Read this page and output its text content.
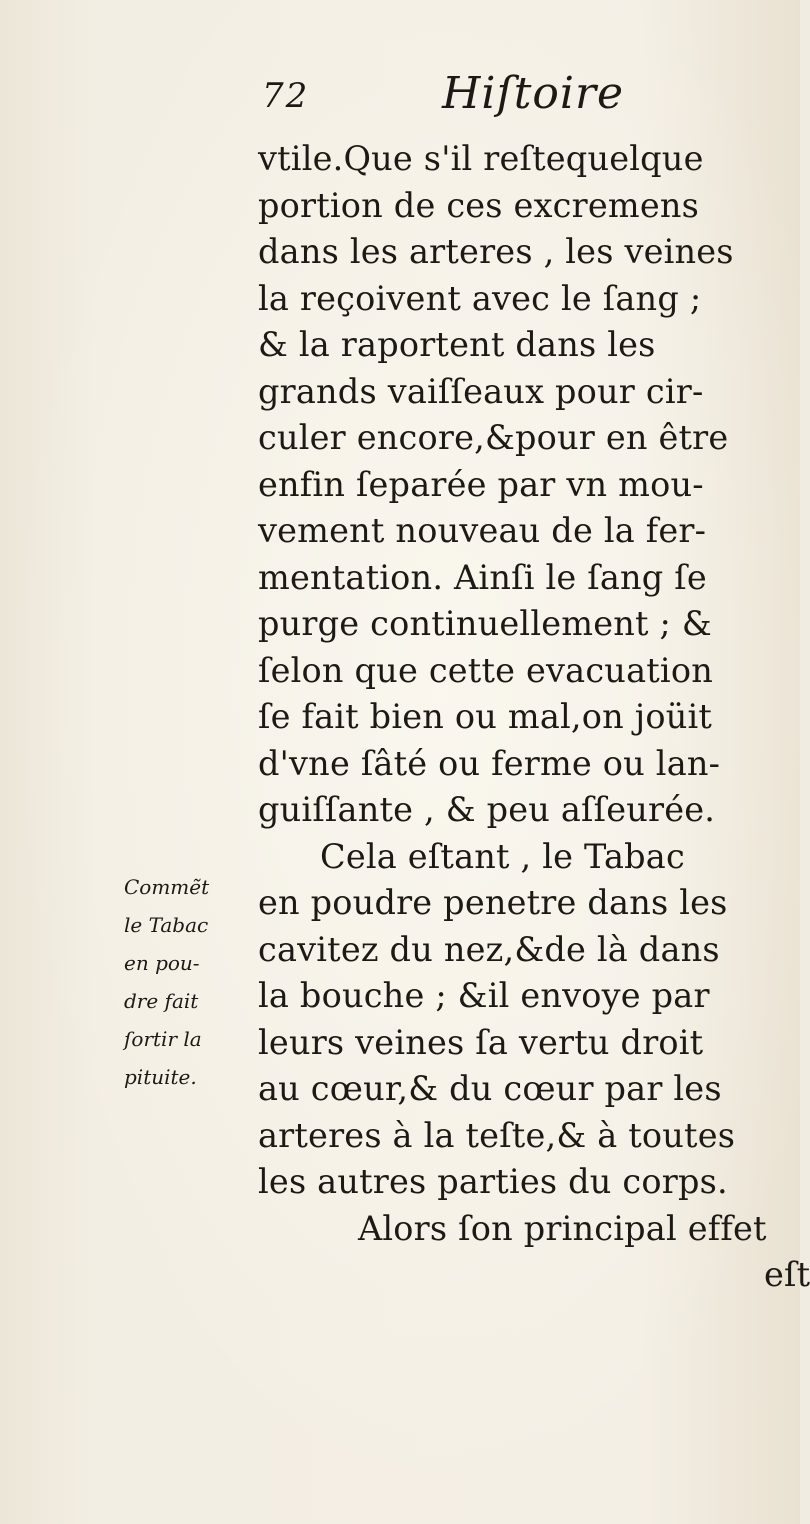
72	Hiſtoire
vtile.Que s'il reſtequelque
portion de ces excremens
dans les arteres , les veines
la reçoivent avec le ſang ;
& la raportent dans les
grands vaiſſeaux pour cir-
culer encore,&pour en être
enfin ſeparée par vn mou-
vement nouveau de la fer-
mentation. Ainſi le ſang ſe
purge continuellement ; &
ſelon que cette evacuation
ſe fait bien ou mal,on joüit
d'vne ſâté ou ferme ou lan-
guiſſante , & peu aſſeurée.
Cela eſtant , le Tabac
en poudre penetre dans les
cavitez du nez,&de là dans
la bouche ; &il envoye par
leurs veines ſa vertu droit
au cœur,& du cœur par les
arteres à la teſte,& à toutes
les autres parties du corps.
Alors ſon principal effet
eſt
Commẽt
le Tabac
en pou-
dre fait
ſortir la
pituite.
